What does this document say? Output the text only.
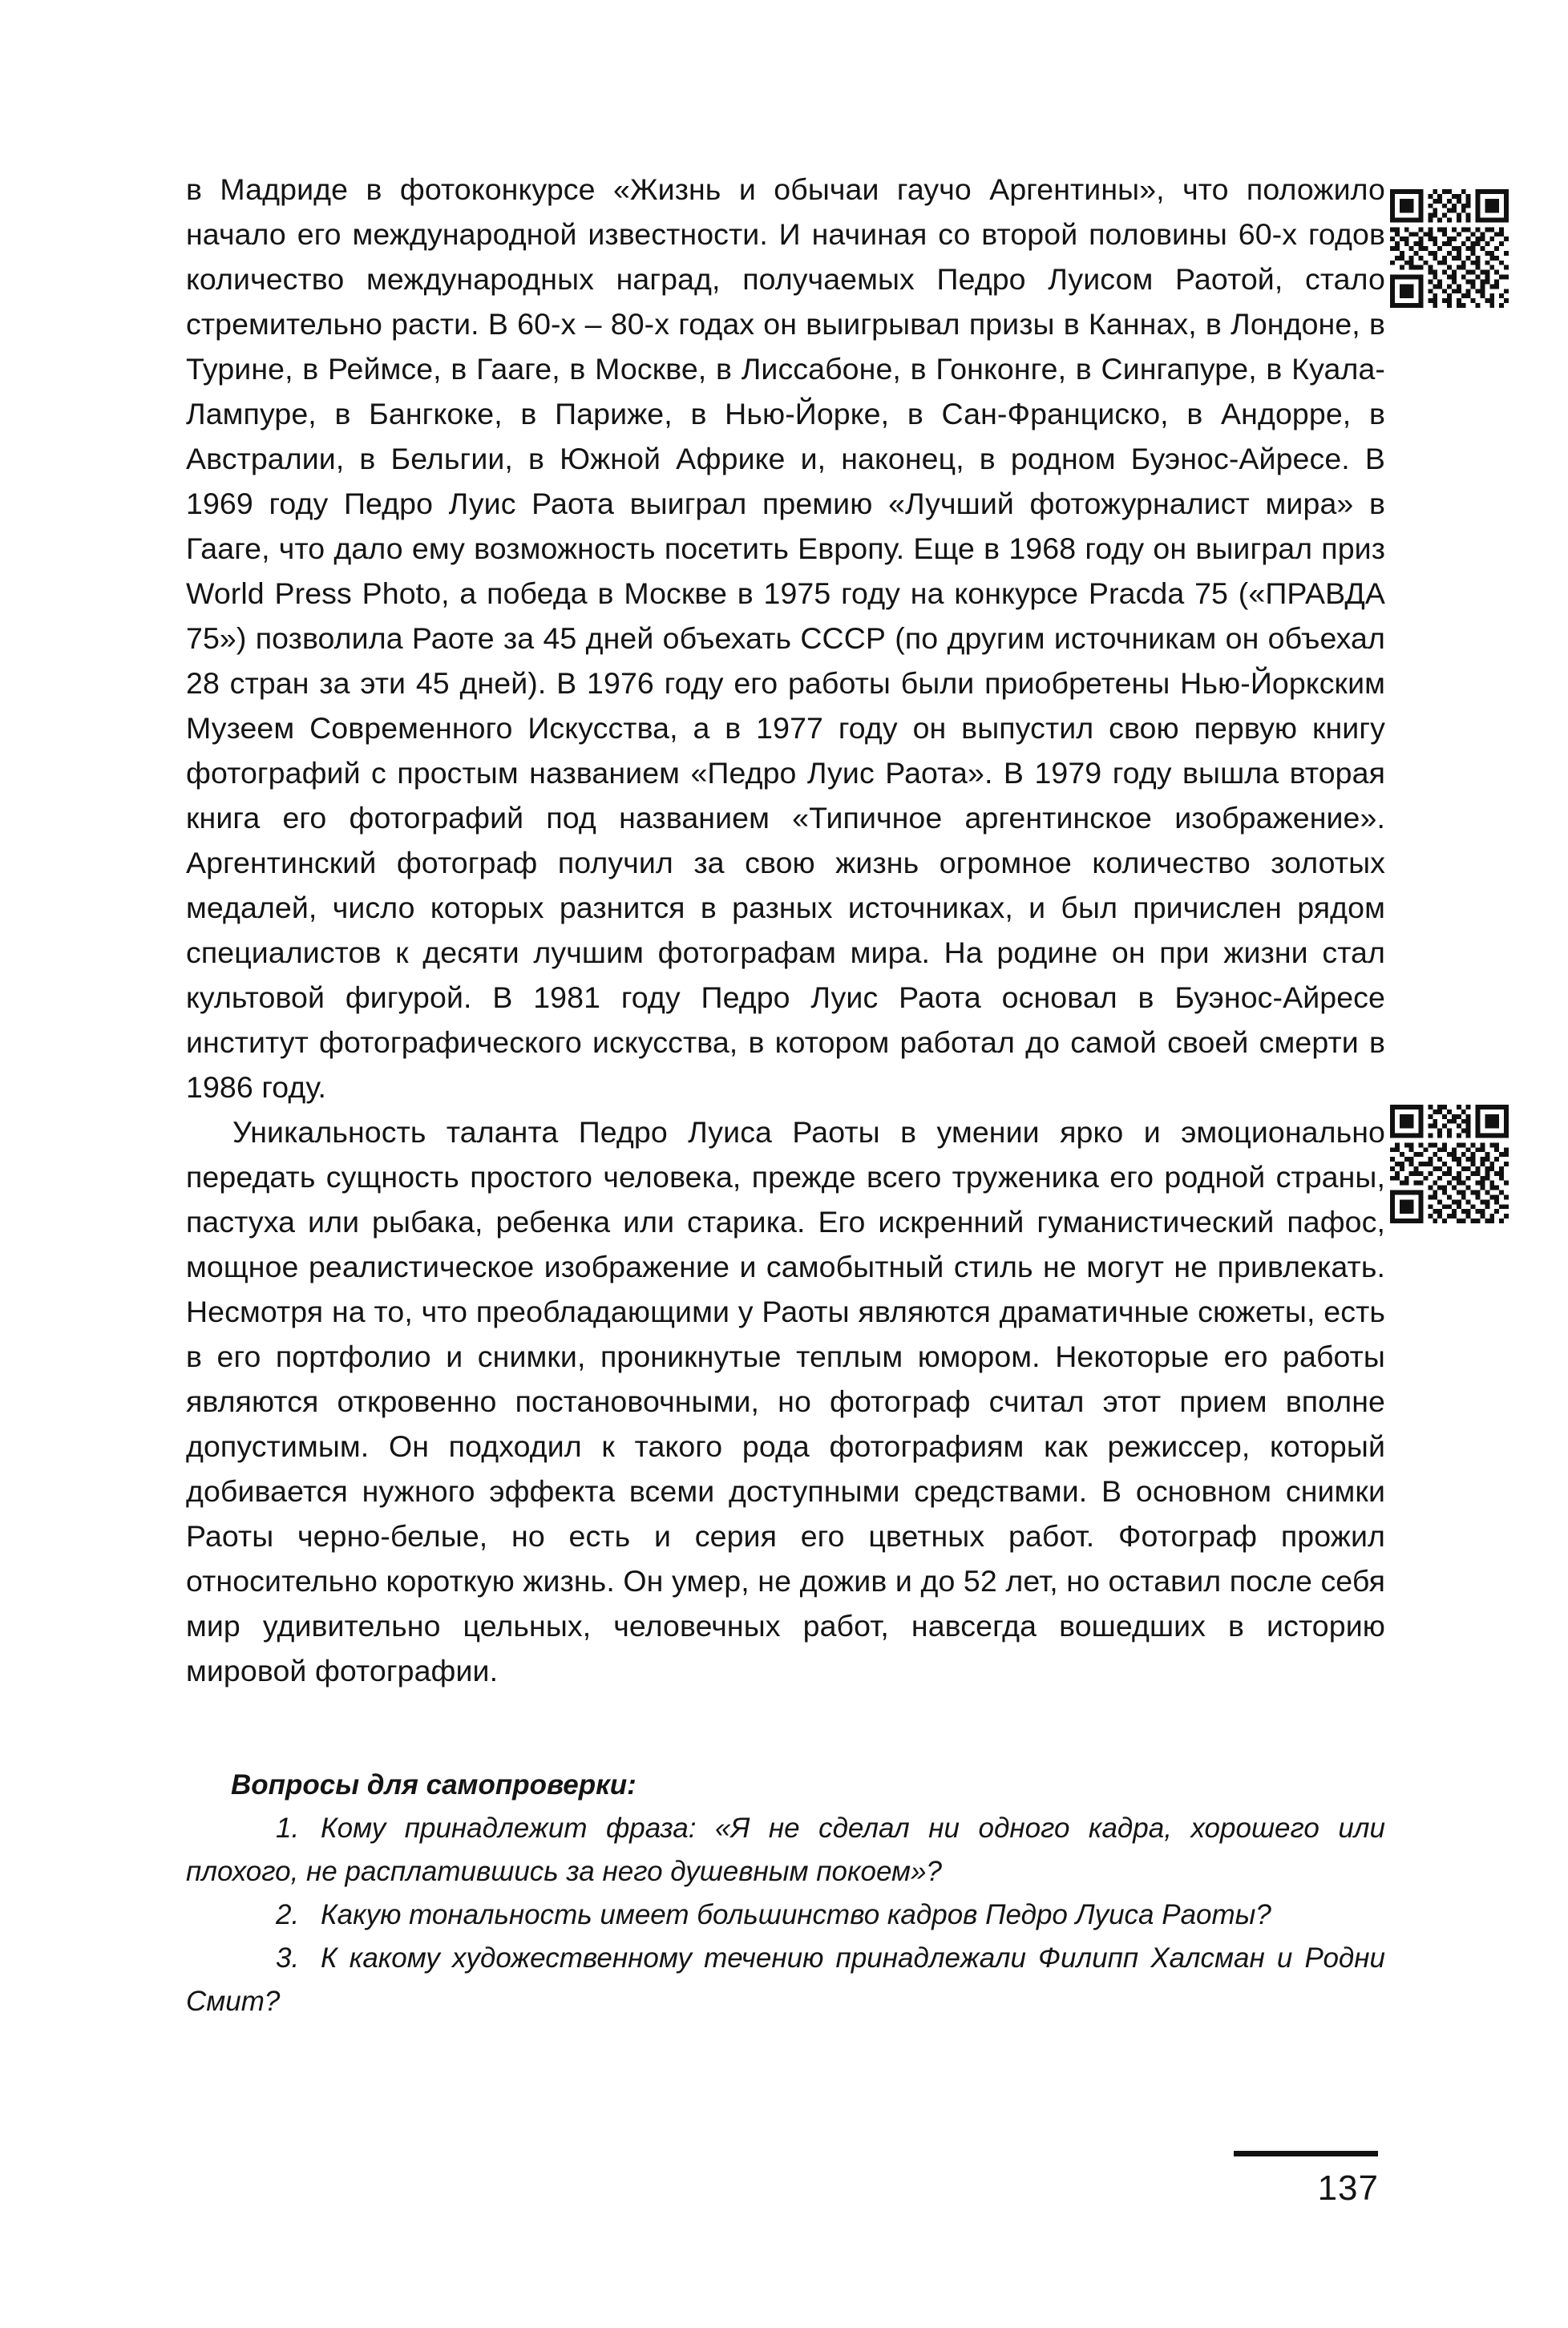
в Мадриде в фотоконкурсе «Жизнь и обычаи гаучо Аргентины», что положило начало его международной известности. И начиная со второй половины 60-х годов количество международных наград, получаемых Педро Луисом Раотой, стало стремительно расти. В 60-х – 80-х годах он выигрывал призы в Каннах, в Лондоне, в Турине, в Реймсе, в Гааге, в Москве, в Лиссабоне, в Гонконге, в Сингапуре, в Куала-Лампуре, в Бангкоке, в Париже, в Нью-Йорке, в Сан-Франциско, в Андорре, в Австралии, в Бельгии, в Южной Африке и, наконец, в родном Буэнос-Айресе. В 1969 году Педро Луис Раота выиграл премию «Лучший фотожурналист мира» в Гааге, что дало ему возможность посетить Европу. Еще в 1968 году он выиграл приз World Press Photo, а победа в Москве в 1975 году на конкурсе Pracda 75 («ПРАВДА 75») позволила Раоте за 45 дней объехать СССР (по другим источникам он объехал 28 стран за эти 45 дней). В 1976 году его работы были приобретены Нью-Йоркским Музеем Современного Искусства, а в 1977 году он выпустил свою первую книгу фотографий с простым названием «Педро Луис Раота». В 1979 году вышла вторая книга его фотографий под названием «Типичное аргентинское изображение». Аргентинский фотограф получил за свою жизнь огромное количество золотых медалей, число которых разнится в разных источниках, и был причислен рядом специалистов к десяти лучшим фотографам мира. На родине он при жизни стал культовой фигурой. В 1981 году Педро Луис Раота основал в Буэнос-Айресе институт фотографического искусства, в котором работал до самой своей смерти в 1986 году.

Уникальность таланта Педро Луиса Раоты в умении ярко и эмоционально передать сущность простого человека, прежде всего труженика его родной страны, пастуха или рыбака, ребенка или старика. Его искренний гуманистический пафос, мощное реалистическое изображение и самобытный стиль не могут не привлекать. Несмотря на то, что преобладающими у Раоты являются драматичные сюжеты, есть в его портфолио и снимки, проникнутые теплым юмором. Некоторые его работы являются откровенно постановочными, но фотограф считал этот прием вполне допустимым. Он подходил к такого рода фотографиям как режиссер, который добивается нужного эффекта всеми доступными средствами. В основном снимки Раоты черно-белые, но есть и серия его цветных работ. Фотограф прожил относительно короткую жизнь. Он умер, не дожив и до 52 лет, но оставил после себя мир удивительно цельных, человечных работ, навсегда вошедших в историю мировой фотографии.

Вопросы для самопроверки:

1. Кому принадлежит фраза: «Я не сделал ни одного кадра, хорошего или плохого, не расплатившись за него душевным покоем»?

2. Какую тональность имеет большинство кадров Педро Луиса Раоты?

3. К какому художественному течению принадлежали Филипп Халсман и Родни Смит?

137
